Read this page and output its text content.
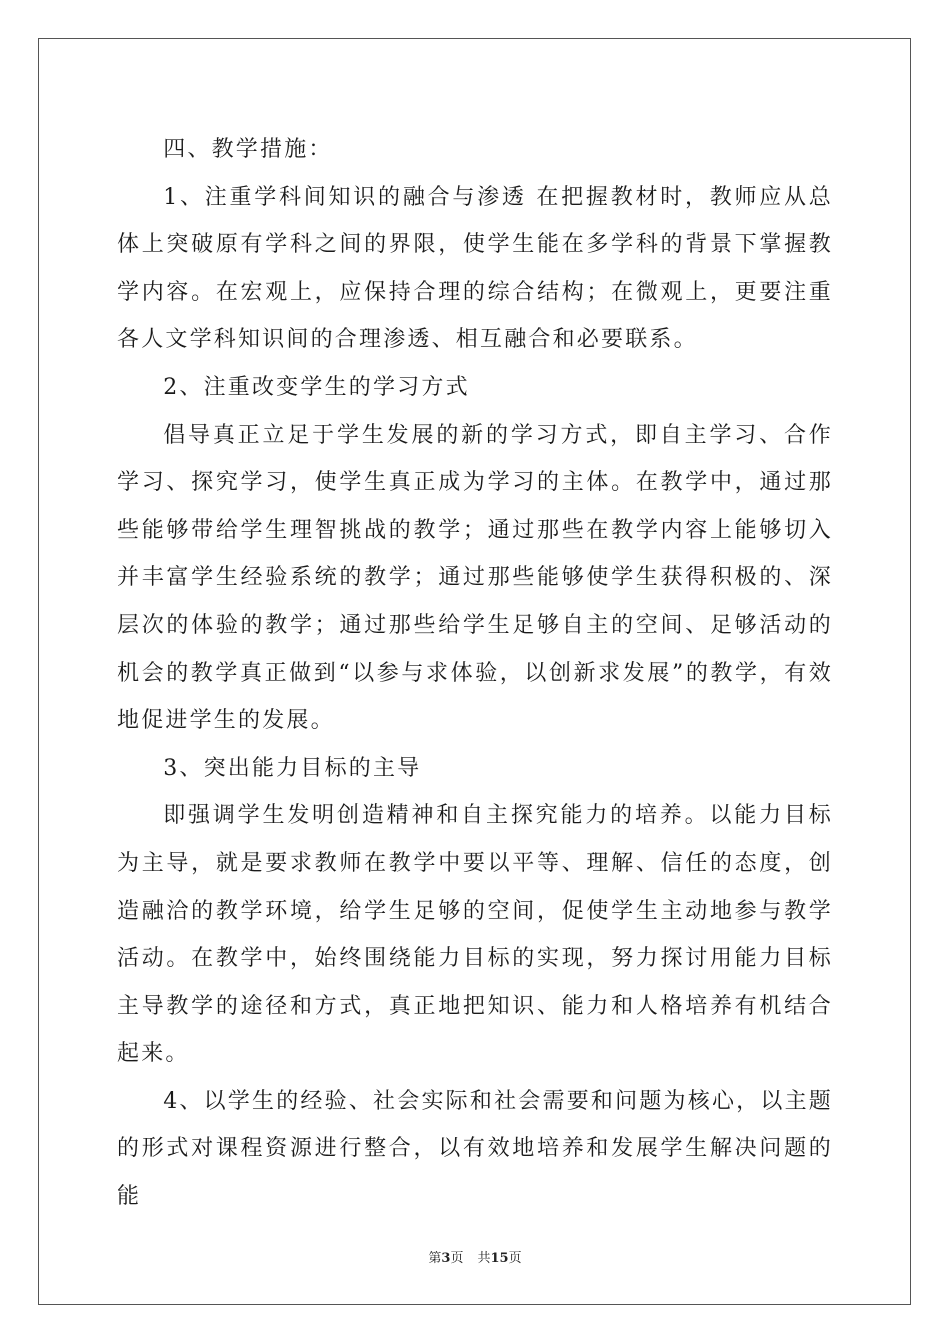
四、教学措施：

1、注重学科间知识的融合与渗透 在把握教材时，教师应从总体上突破原有学科之间的界限，使学生能在多学科的背景下掌握教学内容。在宏观上，应保持合理的综合结构；在微观上，更要注重各人文学科知识间的合理渗透、相互融合和必要联系。

2、注重改变学生的学习方式

倡导真正立足于学生发展的新的学习方式，即自主学习、合作学习、探究学习，使学生真正成为学习的主体。在教学中，通过那些能够带给学生理智挑战的教学；通过那些在教学内容上能够切入并丰富学生经验系统的教学；通过那些能够使学生获得积极的、深层次的体验的教学；通过那些给学生足够自主的空间、足够活动的机会的教学真正做到“以参与求体验，以创新求发展”的教学，有效地促进学生的发展。

3、突出能力目标的主导

即强调学生发明创造精神和自主探究能力的培养。以能力目标为主导，就是要求教师在教学中要以平等、理解、信任的态度，创造融洽的教学环境，给学生足够的空间，促使学生主动地参与教学活动。在教学中，始终围绕能力目标的实现，努力探讨用能力目标主导教学的途径和方式，真正地把知识、能力和人格培养有机结合起来。

4、以学生的经验、社会实际和社会需要和问题为核心，以主题的形式对课程资源进行整合，以有效地培养和发展学生解决问题的能

第3页 共15页
